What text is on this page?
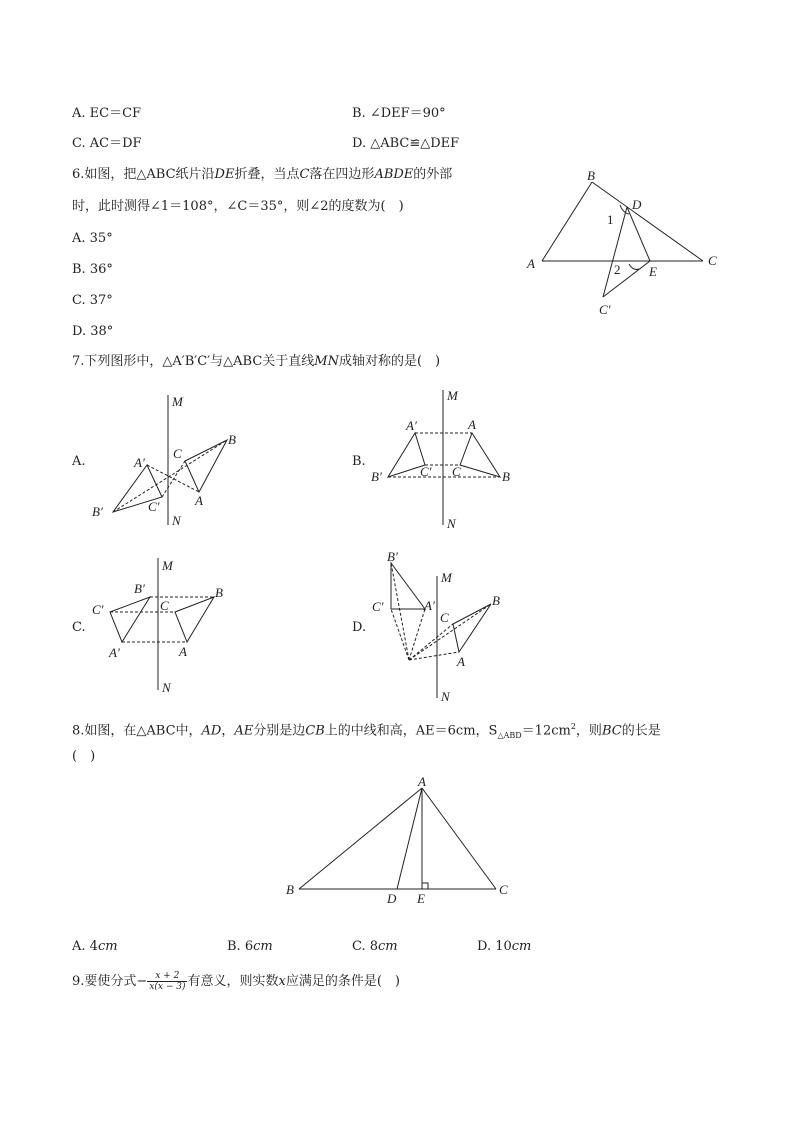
A. EC＝CF	B. ∠DEF＝90°
C. AC＝DF	D. △ABC≌△DEF
6.如图，把△ABC纸片沿DE折叠，当点C落在四边形ABDE的外部
时，此时测得∠1＝108°，∠C＝35°，则∠2的度数为(　)
A. 35°
B. 36°
C. 37°
D. 38°
B
D
A
E
C
C′
1
2
7.下列图形中，△A′B′C′与△ABC关于直线MN成轴对称的是(　)
A.	B.
C.	D.
M
N
A′
B′	C′
C
B
A
M
N
A′
B′	C′
A
C	B
M
N
B′
C′
A′
C
B
A
M
N
B′
C′	A′
C
B
A
8.如图，在△ABC中，AD，AE分别是边CB上的中线和高，AE＝6cm，$S_{\triangle ABD}=12cm^2$，则BC的长是
(　)
A
B	C
D E
A. 4cm	B. 6cm	C. 8cm	D. 10cm
9.要使分式− $\frac{x + 2}{x(x - 3)}$ 有意义，则实数x应满足的条件是(　)
